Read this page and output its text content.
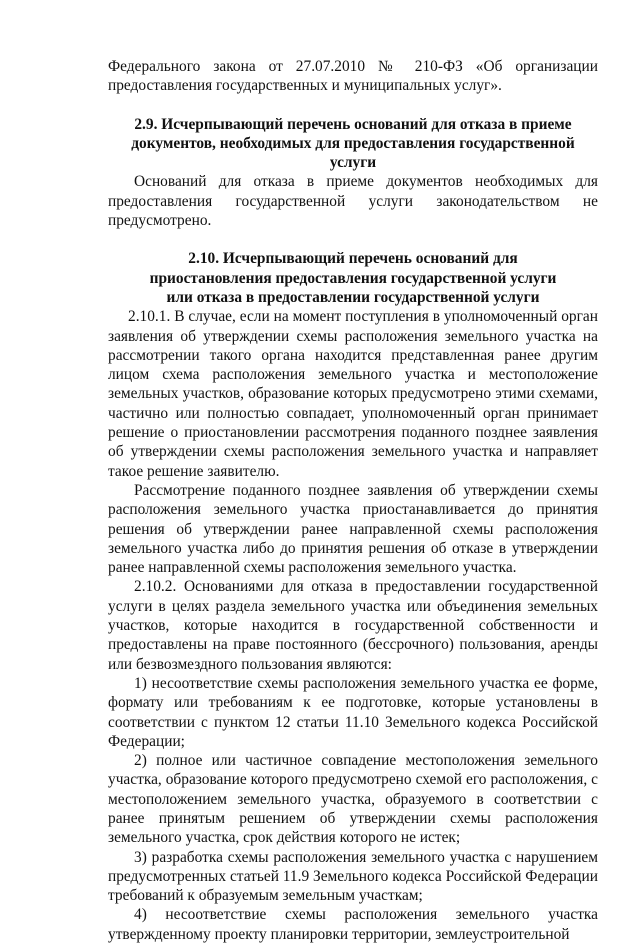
Федерального закона от 27.07.2010 № 210-ФЗ «Об организации предоставления государственных и муниципальных услуг».

2.9. Исчерпывающий перечень оснований для отказа в приеме

документов, необходимых для предоставления государственной услуги

Оснований для отказа в приеме документов необходимых для предоставления государственной услуги законодательством не предусмотрено.

2.10. Исчерпывающий перечень оснований для

приостановления предоставления государственной услуги

или отказа в предоставлении государственной услуги

2.10.1. В случае, если на момент поступления в уполномоченный орган заявления об утверждении схемы расположения земельного участка на рассмотрении такого органа находится представленная ранее другим лицом схема расположения земельного участка и местоположение земельных участков, образование которых предусмотрено этими схемами, частично или полностью совпадает, уполномоченный орган принимает решение о приостановлении рассмотрения поданного позднее заявления об утверждении схемы расположения земельного участка и направляет такое решение заявителю.

Рассмотрение поданного позднее заявления об утверждении схемы расположения земельного участка приостанавливается до принятия решения об утверждении ранее направленной схемы расположения земельного участка либо до принятия решения об отказе в утверждении ранее направленной схемы расположения земельного участка.

2.10.2. Основаниями для отказа в предоставлении государственной услуги в целях раздела земельного участка или объединения земельных участков, которые находится в государственной собственности и предоставлены на праве постоянного (бессрочного) пользования, аренды или безвозмездного пользования являются:

1) несоответствие схемы расположения земельного участка ее форме, формату или требованиям к ее подготовке, которые установлены в соответствии с пунктом 12 статьи 11.10 Земельного кодекса Российской Федерации;

2) полное или частичное совпадение местоположения земельного участка, образование которого предусмотрено схемой его расположения, с местоположением земельного участка, образуемого в соответствии с ранее принятым решением об утверждении схемы расположения земельного участка, срок действия которого не истек;

3) разработка схемы расположения земельного участка с нарушением предусмотренных статьей 11.9 Земельного кодекса Российской Федерации требований к образуемым земельным участкам;

4) несоответствие схемы расположения земельного участка утвержденному проекту планировки территории, землеустроительной
